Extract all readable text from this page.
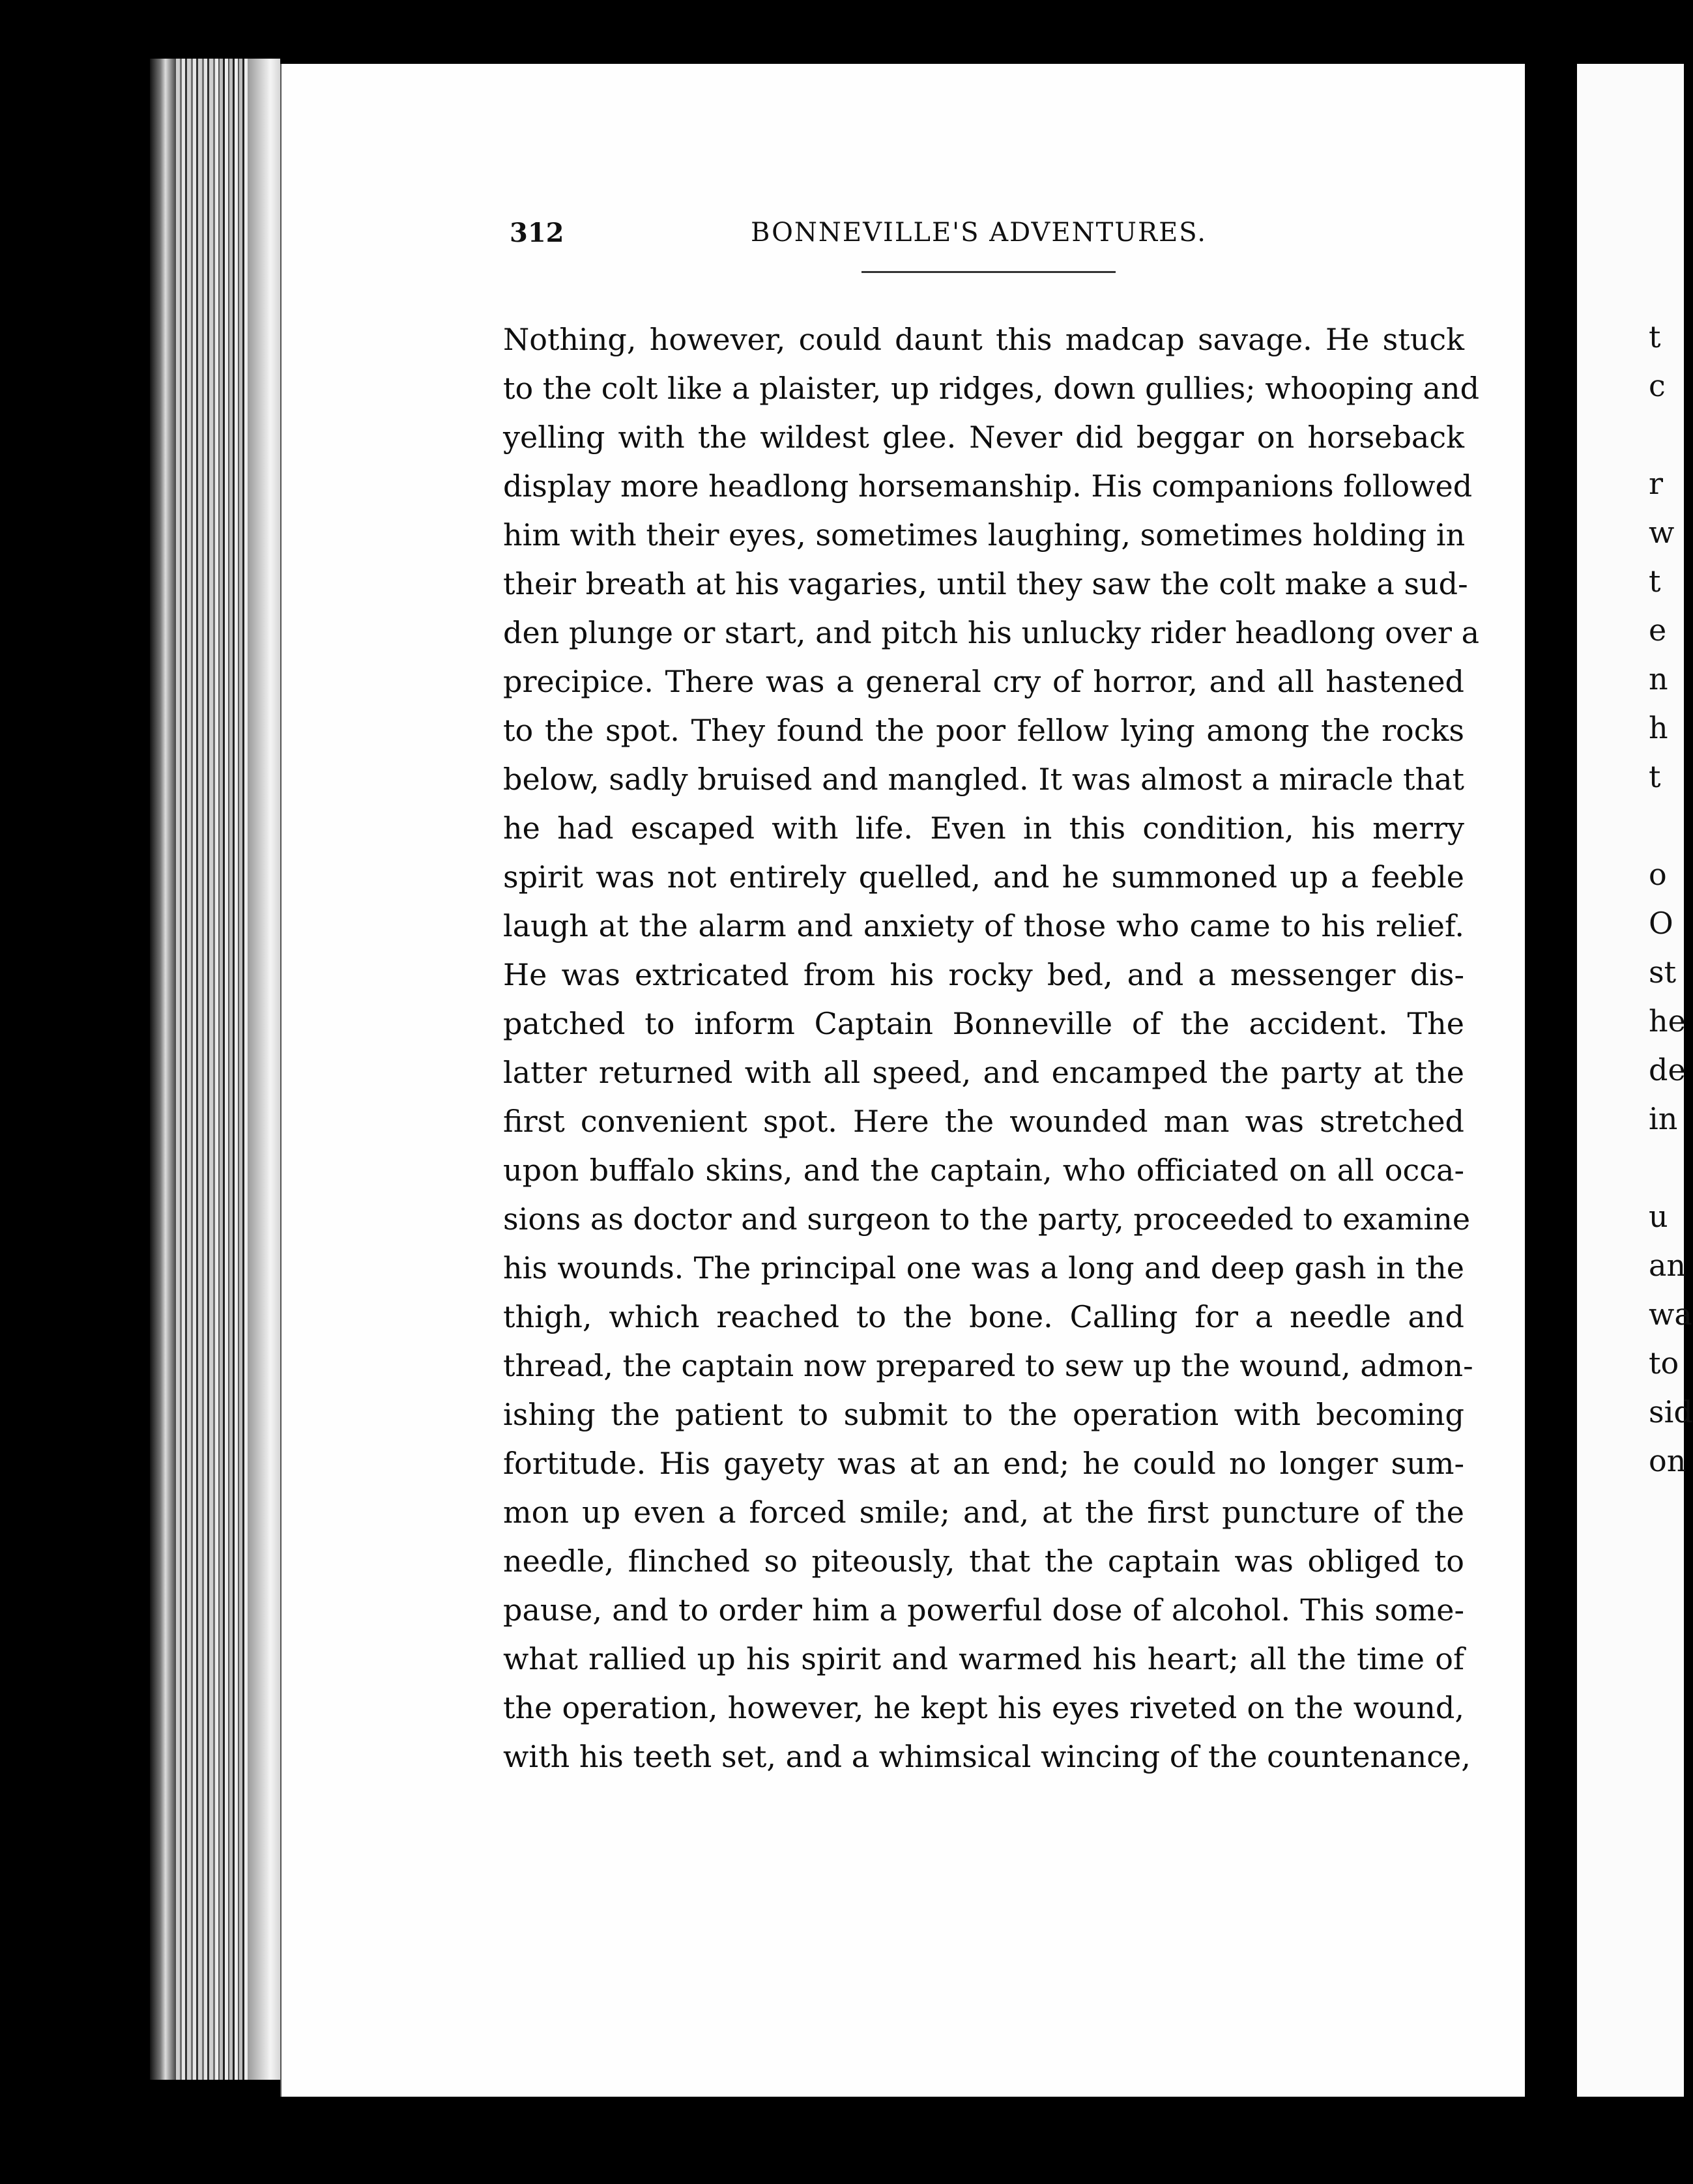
312	BONNEVILLE'S ADVENTURES.
Nothing, however, could daunt this madcap savage. He stuck
to the colt like a plaister, up ridges, down gullies; whooping and
yelling with the wildest glee. Never did beggar on horseback
display more headlong horsemanship. His companions followed
him with their eyes, sometimes laughing, sometimes holding in
their breath at his vagaries, until they saw the colt make a sud-
den plunge or start, and pitch his unlucky rider headlong over a
precipice. There was a general cry of horror, and all hastened
to the spot. They found the poor fellow lying among the rocks
below, sadly bruised and mangled. It was almost a miracle that
he had escaped with life. Even in this condition, his merry
spirit was not entirely quelled, and he summoned up a feeble
laugh at the alarm and anxiety of those who came to his relief.
He was extricated from his rocky bed, and a messenger dis-
patched to inform Captain Bonneville of the accident. The
latter returned with all speed, and encamped the party at the
first convenient spot. Here the wounded man was stretched
upon buffalo skins, and the captain, who officiated on all occa-
sions as doctor and surgeon to the party, proceeded to examine
his wounds. The principal one was a long and deep gash in the
thigh, which reached to the bone. Calling for a needle and
thread, the captain now prepared to sew up the wound, admon-
ishing the patient to submit to the operation with becoming
fortitude. His gayety was at an end; he could no longer sum-
mon up even a forced smile; and, at the first puncture of the
needle, flinched so piteously, that the captain was obliged to
pause, and to order him a powerful dose of alcohol. This some-
what rallied up his spirit and warmed his heart; all the time of
the operation, however, he kept his eyes riveted on the wound,
with his teeth set, and a whimsical wincing of the countenance,
t
c
r
w
t
e
n
h
t
o
O
st
he
de
in
u
an
wa
to
sid
on
